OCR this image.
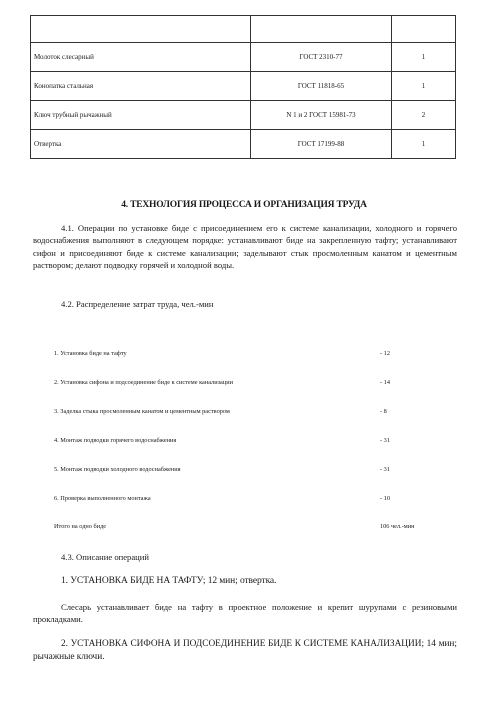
Молоток слесарный	ГОСТ 2310-77	1
Конопатка стальная	ГОСТ 11818-65	1
Ключ трубный рычажный	N 1 и 2 ГОСТ 15981-73	2
Отвертка	ГОСТ 17199-88	1
4. ТЕХНОЛОГИЯ ПРОЦЕССА И ОРГАНИЗАЦИЯ ТРУДА

4.1. Операции по установке биде с присоединением его к системе канализации, холодного и горячего водоснабжения выполняют в следующем порядке: устанавливают биде на закрепленную тафту; устанавливают сифон и присоединяют биде к системе канализации; заделывают стык просмоленным канатом и цементным раствором; делают подводку горячей и холодной воды.

4.2. Распределение затрат труда, чел.-мин
1. Установка биде на тафту	- 12
2. Установка сифона и подсоединение биде к системе канализации	- 14
3. Заделка стыка просмоленным канатом и цементным раствором	- 8
4. Монтаж подводки горячего водоснабжения	- 31
5. Монтаж подводки холодного водоснабжения	- 31
6. Проверка выполненного монтажа	- 10
Итого на одно биде	106 чел.-мин
4.3. Описание операций
1. УСТАНОВКА БИДЕ НА ТАФТУ; 12 мин; отвертка.

Слесарь устанавливает биде на тафту в проектное положение и крепит шурупами с резиновыми прокладками.

2. УСТАНОВКА СИФОНА И ПОДСОЕДИНЕНИЕ БИДЕ К СИСТЕМЕ КАНАЛИЗАЦИИ; 14 мин; рычажные ключи.
